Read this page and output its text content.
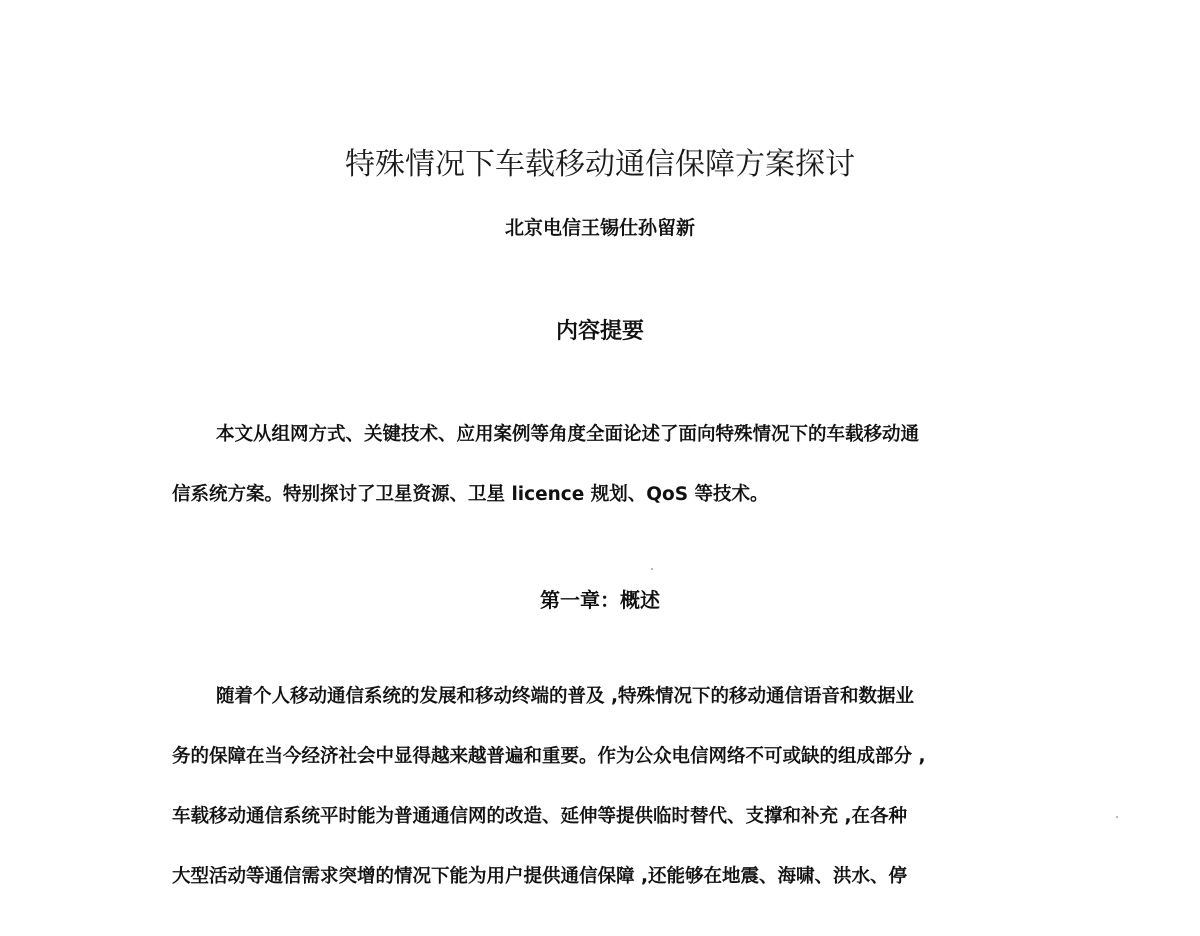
特殊情况下车载移动通信保障方案探讨
北京电信王锡仕孙留新
内容提要
本文从组网方式、关键技术、应用案例等角度全面论述了面向特殊情况下的车载移动通
信系统方案。特别探讨了卫星资源、卫星 licence 规划、QoS 等技术。
第一章：概述
随着个人移动通信系统的发展和移动终端的普及 ,特殊情况下的移动通信语音和数据业
务的保障在当今经济社会中显得越来越普遍和重要。作为公众电信网络不可或缺的组成部分 ,
车载移动通信系统平时能为普通通信网的改造、延伸等提供临时替代、支撑和补充 ,在各种
大型活动等通信需求突增的情况下能为用户提供通信保障 ,还能够在地震、海啸、洪水、停
